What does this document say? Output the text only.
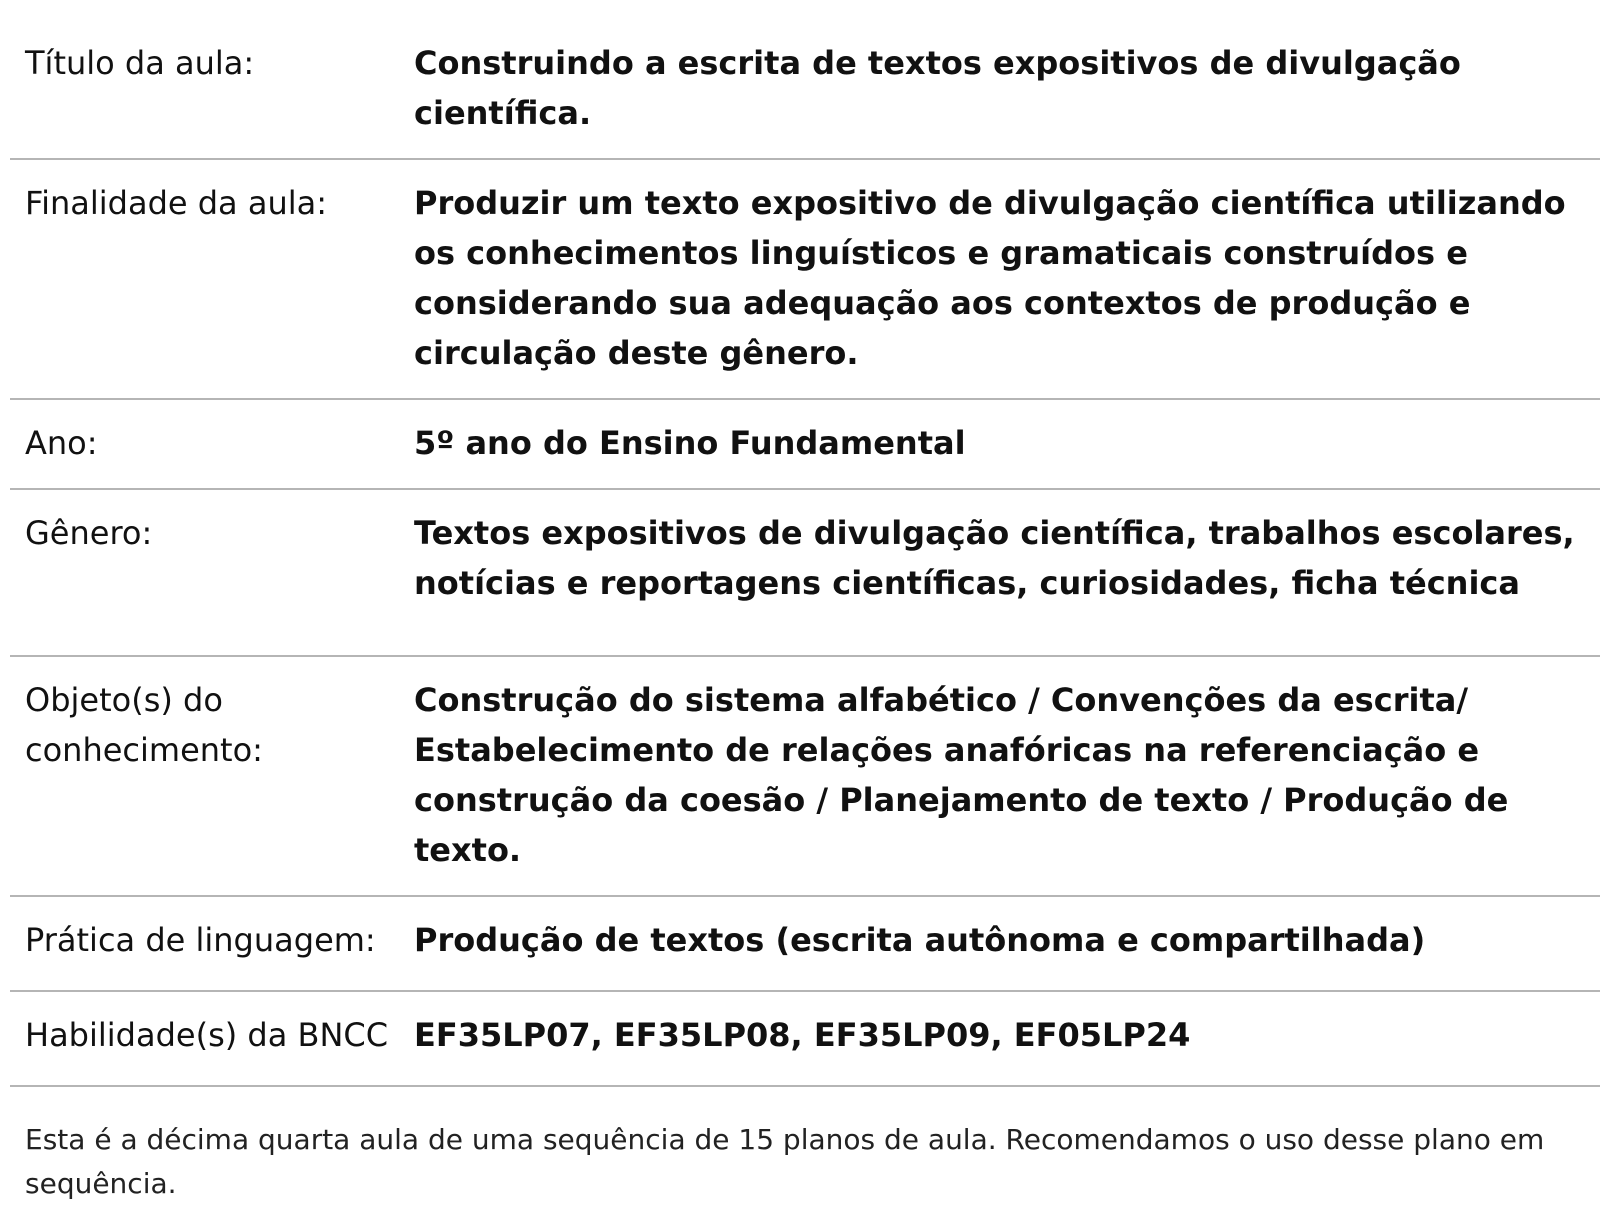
Título da aula:	Construindo a escrita de textos expositivos de divulgação científica.
Finalidade da aula:	Produzir um texto expositivo de divulgação científica utilizando os conhecimentos linguísticos e gramaticais construídos e considerando sua adequação aos contextos de produção e circulação deste gênero.
Ano:	5º ano do Ensino Fundamental
Gênero:	Textos expositivos de divulgação científica, trabalhos escolares, notícias e reportagens científicas, curiosidades, ficha técnica
Objeto(s) do conhecimento:
Construção do sistema alfabético / Convenções da escrita/ Estabelecimento de relações anafóricas na referenciação e construção da coesão / Planejamento de texto / Produção de texto.
Prática de linguagem:	Produção de textos (escrita autônoma e compartilhada)
Habilidade(s) da BNCC EF35LP07, EF35LP08, EF35LP09, EF05LP24
Esta é a décima quarta aula de uma sequência de 15 planos de aula. Recomendamos o uso desse plano em sequência.
